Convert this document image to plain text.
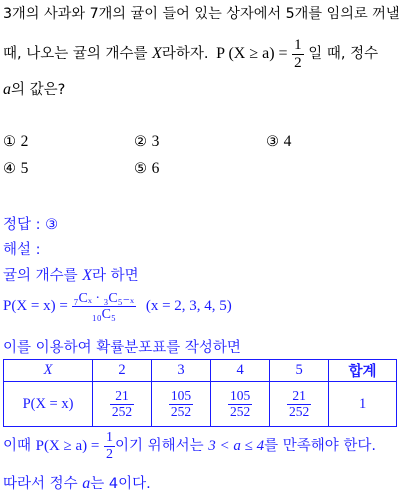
3개의 사과와 7개의 귤이 들어 있는 상자에서 5개를 임의로 꺼낼
때, 나오는 귤의 개수를 X라하자. P $(X \ge a) = \frac{1}{2}$ 일 때, 정수
a의 값은?
① 2	② 3	③ 4
④ 5	⑤ 6
정답 : ③
해설 :
귤의 개수를 X라 하면
$P(X = x) = \frac{\text{₇Cₓ · ₃C₅₋ₓ}}{\text{₁₀C₅}} (x = 2$, 3, 4, 5)
이를 이용하여 확률분포표를 작성하면
X	2	3	4	5	합계
P(X = x)	$\frac{21}{252}$	$\frac{105}{252}$	$\frac{105}{252}$	$\frac{21}{252}$	1
이때 $P(X \ge a) = \frac{1}{2}$ 이기 위해서는 3 < a ≤ 4를 만족해야 한다.
따라서 정수 a는 4이다.
